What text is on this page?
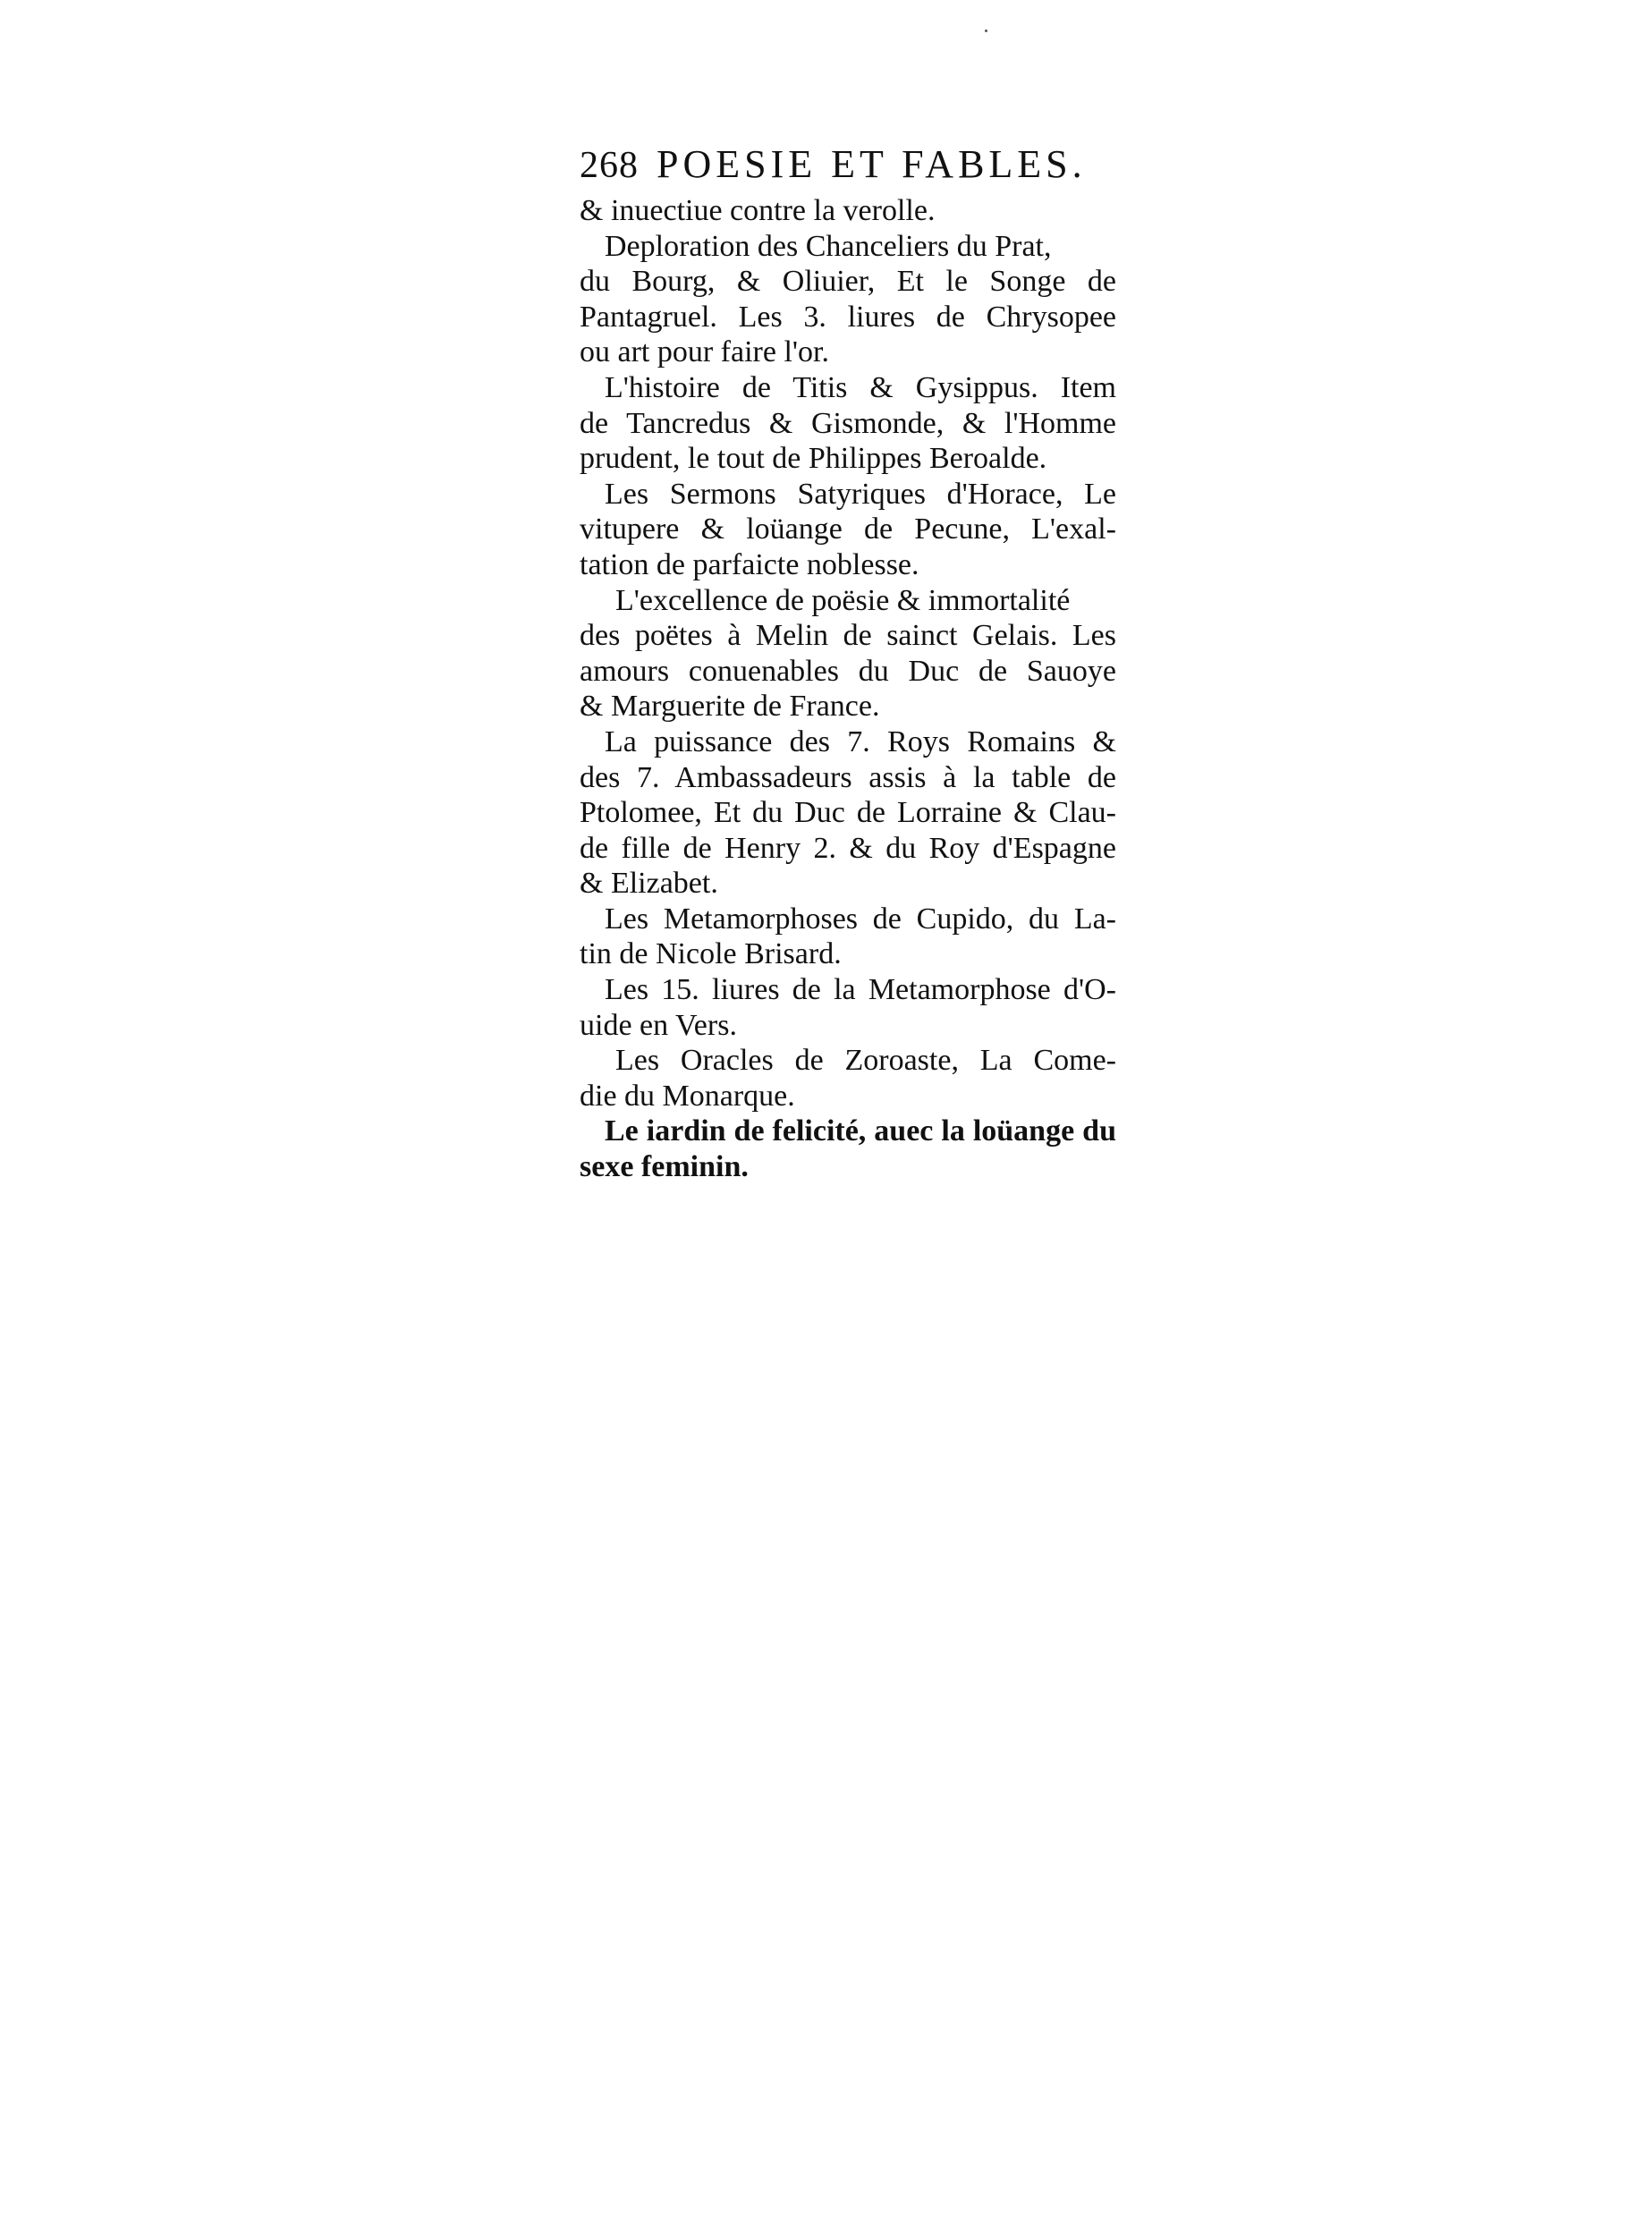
268 POESIE ET FABLES.
& inuectiue contre la verolle.
Deploration des Chanceliers du Prat,
du Bourg, & Oliuier, Et le Songe de
Pantagruel. Les 3. liures de Chrysopee
ou art pour faire l'or.
L'histoire de Titis & Gysippus. Item
de Tancredus & Gismonde, & l'Homme
prudent, le tout de Philippes Beroalde.
Les Sermons Satyriques d'Horace, Le
vitupere & loüange de Pecune, L'exal-
tation de parfaicte noblesse.
L'excellence de poësie & immortalité
des poëtes à Melin de sainct Gelais. Les
amours conuenables du Duc de Sauoye
& Marguerite de France.
La puissance des 7. Roys Romains &
des 7. Ambassadeurs assis à la table de
Ptolomee, Et du Duc de Lorraine & Clau-
de fille de Henry 2. & du Roy d'Espagne
& Elizabet.
Les Metamorphoses de Cupido, du La-
tin de Nicole Brisard.
Les 15. liures de la Metamorphose d'O-
uide en Vers.
Les Oracles de Zoroaste, La Come-
die du Monarque.
Le iardin de felicité, auec la loüange du
sexe feminin.
